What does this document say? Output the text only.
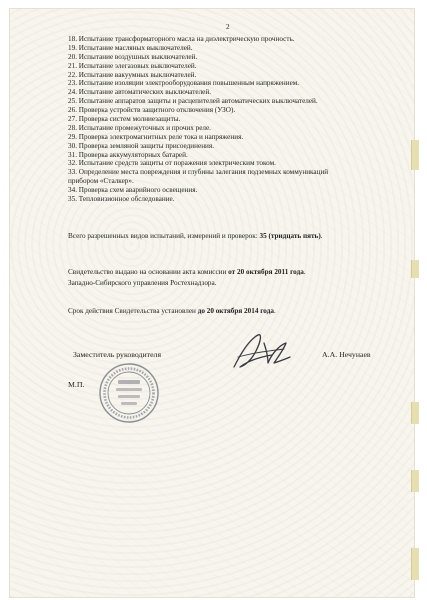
2
18. Испытание трансформаторного масла на диэлектрическую прочность.
19. Испытание масляных выключателей.
20. Испытание воздушных выключателей.
21. Испытание элегазовых выключателей.
22. Испытание вакуумных выключателей.
23. Испытание изоляции электрооборудования повышенным напряжением.
24. Испытание автоматических выключателей.
25. Испытание аппаратов защиты и расцепителей автоматических выключателей.
26. Проверка устройств защитного отключения (УЗО).
27. Проверка систем молниезащиты.
28. Испытание промежуточных и прочих реле.
29. Проверка электромагнитных реле тока и напряжения.
30. Проверка земляной защиты присоединения.
31. Проверка аккумуляторных батарей.
32. Испытание средств защиты от поражения электрическим током.
33. Определение места повреждения и глубины залегания подземных коммуникаций
прибором «Сталкер».
34. Проверка схем аварийного освещения.
35. Тепловизионное обследование.
Всего разрешенных видов испытаний, измерений и проверок: 35 (тридцать пять).
Свидетельство выдано на основании акта комиссии от 20 октября 2011 года.
Западно-Сибирского управления Ростехнадзора.
Срок действия Свидетельства установлен до 20 октября 2014 года.
Заместитель руководителя	А.А. Нечунаев
М.П.
